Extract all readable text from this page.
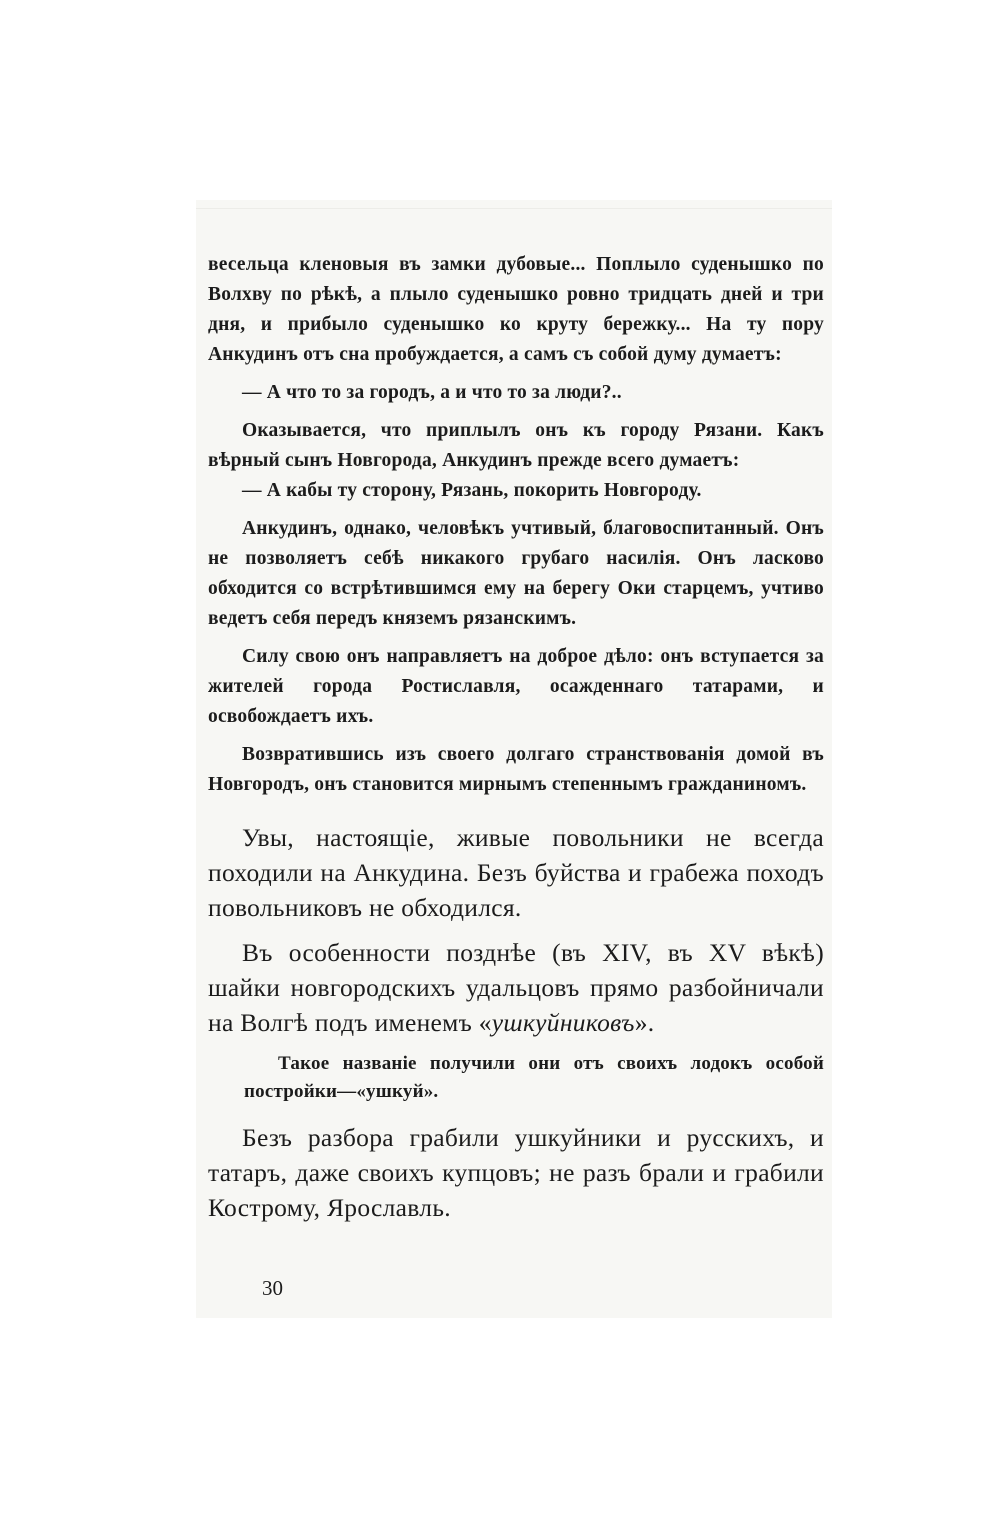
весельца кленовыя въ замки дубовые... Поплыло суденышко по Волхву по рѣкѣ, а плыло суденышко ровно тридцать дней и три дня, и прибыло суденышко ко круту бережку... На ту пору Анкудинъ отъ сна пробуждается, а самъ съ собой думу думаетъ:

— А что то за городъ, а и что то за люди?..

Оказывается, что приплылъ онъ къ городу Рязани. Какъ вѣрный сынъ Новгорода, Анкудинъ прежде всего думаетъ:

— А кабы ту сторону, Рязань, покорить Новгороду.

Анкудинъ, однако, человѣкъ учтивый, благовоспитанный. Онъ не позволяетъ себѣ никакого грубаго насилія. Онъ ласково обходится со встрѣтившимся ему на берегу Оки старцемъ, учтиво ведетъ себя передъ княземъ рязанскимъ.

Силу свою онъ направляетъ на доброе дѣло: онъ вступается за жителей города Ростиславля, осажденнаго татарами, и освобождаетъ ихъ.

Возвратившись изъ своего долгаго странствованія домой въ Новгородъ, онъ становится мирнымъ степеннымъ гражданиномъ.

Увы, настоящіе, живые повольники не всегда походили на Анкудина. Безъ буйства и грабежа походъ повольниковъ не обходился.

Въ особенности позднѣе (въ XIV, въ XV вѣкѣ) шайки новгородскихъ удальцовъ прямо разбойничали на Волгѣ подъ именемъ «ушкуйниковъ».

Такое названіе получили они отъ своихъ лодокъ особой постройки—«ушкуй».

Безъ разбора грабили ушкуйники и русскихъ, и татаръ, даже своихъ купцовъ; не разъ брали и грабили Кострому, Ярославль.

30
